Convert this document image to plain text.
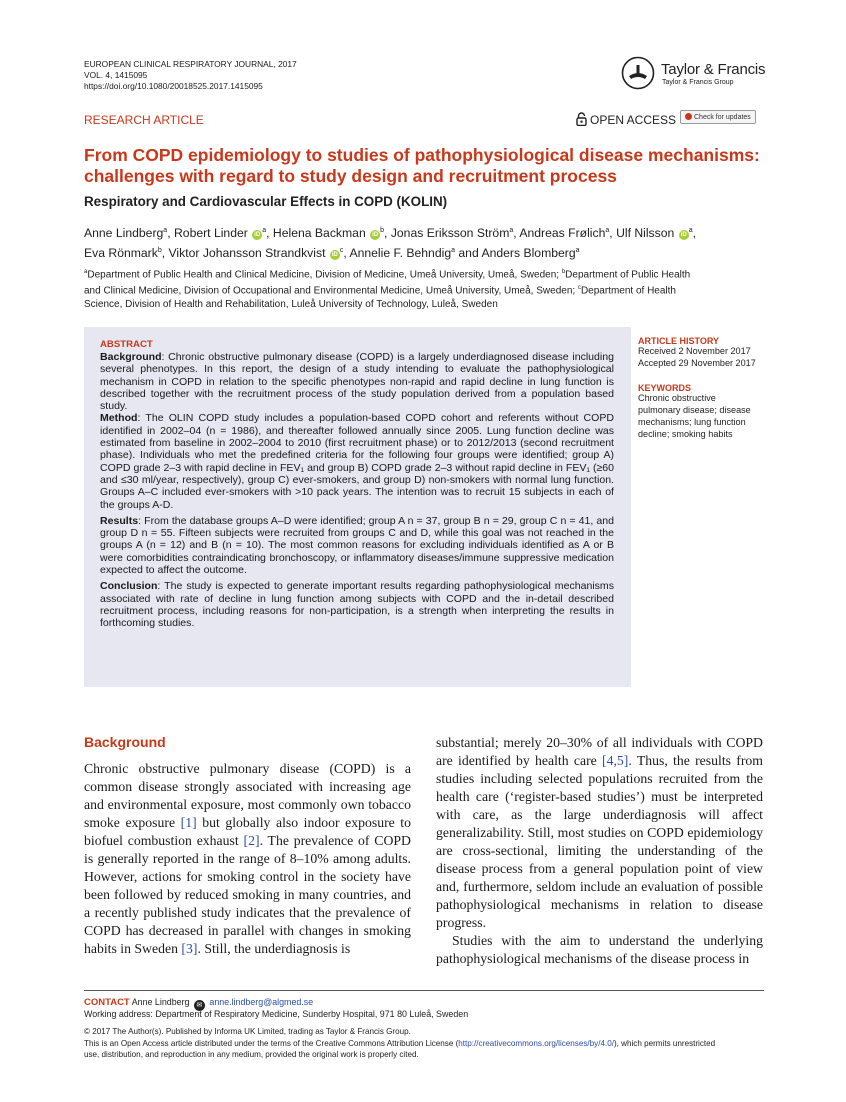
EUROPEAN CLINICAL RESPIRATORY JOURNAL, 2017
VOL. 4, 1415095
https://doi.org/10.1080/20018525.2017.1415095
Taylor & Francis
Taylor & Francis Group
RESEARCH ARTICLE	OPEN ACCESS	Check for updates
From COPD epidemiology to studies of pathophysiological disease mechanisms:
challenges with regard to study design and recruitment process
Respiratory and Cardiovascular Effects in COPD (KOLIN)
Anne Lindberg$^a$, Robert Linder $iD^a$, Helena Backman $iD^b$, Jonas Eriksson Ström$^a$, Andreas Frølich$^a$, Ulf Nilsson $iD^a$,
Eva Rönmark$^b$, Viktor Johansson Strandkvist $iD^c$, Annelie F. Behndig$^a$ and Anders Blomberg$^a$
$^a$Department of Public Health and Clinical Medicine, Division of Medicine, Umeå University, Umeå, Sweden; $^b$Department of Public Health
and Clinical Medicine, Division of Occupational and Environmental Medicine, Umeå University, Umeå, Sweden; $^c$Department of Health
Science, Division of Health and Rehabilitation, Luleå University of Technology, Luleå, Sweden
ABSTRACT

Background: Chronic obstructive pulmonary disease (COPD) is a largely underdiagnosed disease including several phenotypes. In this report, the design of a study intending to evaluate the pathophysiological mechanism in COPD in relation to the specific phenotypes non-rapid and rapid decline in lung function is described together with the recruitment process of the study population derived from a population based study.

Method: The OLIN COPD study includes a population-based COPD cohort and referents without COPD identified in 2002–04 (n = 1986), and thereafter followed annually since 2005. Lung function decline was estimated from baseline in 2002–2004 to 2010 (first recruitment phase) or to 2012/2013 (second recruitment phase). Individuals who met the predefined criteria for the following four groups were identified; group A) COPD grade 2–3 with rapid decline in FEV₁ and group B) COPD grade 2–3 without rapid decline in FEV₁ (≥60 and ≤30 ml/year, respectively), group C) ever-smokers, and group D) non-smokers with normal lung function. Groups A–C included ever-smokers with >10 pack years. The intention was to recruit 15 subjects in each of the groups A-D.

Results: From the database groups A–D were identified; group A n = 37, group B n = 29, group C n = 41, and group D n = 55. Fifteen subjects were recruited from groups C and D, while this goal was not reached in the groups A (n = 12) and B (n = 10). The most common reasons for excluding individuals identified as A or B were comorbidities contraindicating bronchoscopy, or inflammatory diseases/immune suppressive medication expected to affect the outcome.

Conclusion: The study is expected to generate important results regarding pathophysiological mechanisms associated with rate of decline in lung function among subjects with COPD and the in-detail described recruitment process, including reasons for non-participation, is a strength when interpreting the results in forthcoming studies.

ARTICLE HISTORY
Received 2 November 2017
Accepted 29 November 2017
KEYWORDS
Chronic obstructive
pulmonary disease; disease
mechanisms; lung function
decline; smoking habits
Background

Chronic obstructive pulmonary disease (COPD) is a common disease strongly associated with increasing age and environmental exposure, most commonly own tobacco smoke exposure [1] but globally also indoor exposure to biofuel combustion exhaust [2]. The prevalence of COPD is generally reported in the range of 8–10% among adults. However, actions for smoking control in the society have been followed by reduced smoking in many countries, and a recently published study indicates that the prevalence of COPD has decreased in parallel with changes in smoking habits in Sweden [3]. Still, the underdiagnosis is

substantial; merely 20–30% of all individuals with COPD are identified by health care [4,5]. Thus, the results from studies including selected populations recruited from the health care (‘register-based studies’) must be interpreted with care, as the large underdiagnosis will affect generalizability. Still, most studies on COPD epidemiology are cross-sectional, limiting the understanding of the disease process from a general population point of view and, furthermore, seldom include an evaluation of possible pathophysiological mechanisms in relation to disease progress.

Studies with the aim to understand the underlying pathophysiological mechanisms of the disease process in

CONTACT Anne Lindberg ✉ anne.lindberg@algmed.se
Working address: Department of Respiratory Medicine, Sunderby Hospital, 971 80 Luleå, Sweden
© 2017 The Author(s). Published by Informa UK Limited, trading as Taylor & Francis Group.
This is an Open Access article distributed under the terms of the Creative Commons Attribution License (http://creativecommons.org/licenses/by/4.0/), which permits unrestricted
use, distribution, and reproduction in any medium, provided the original work is properly cited.
